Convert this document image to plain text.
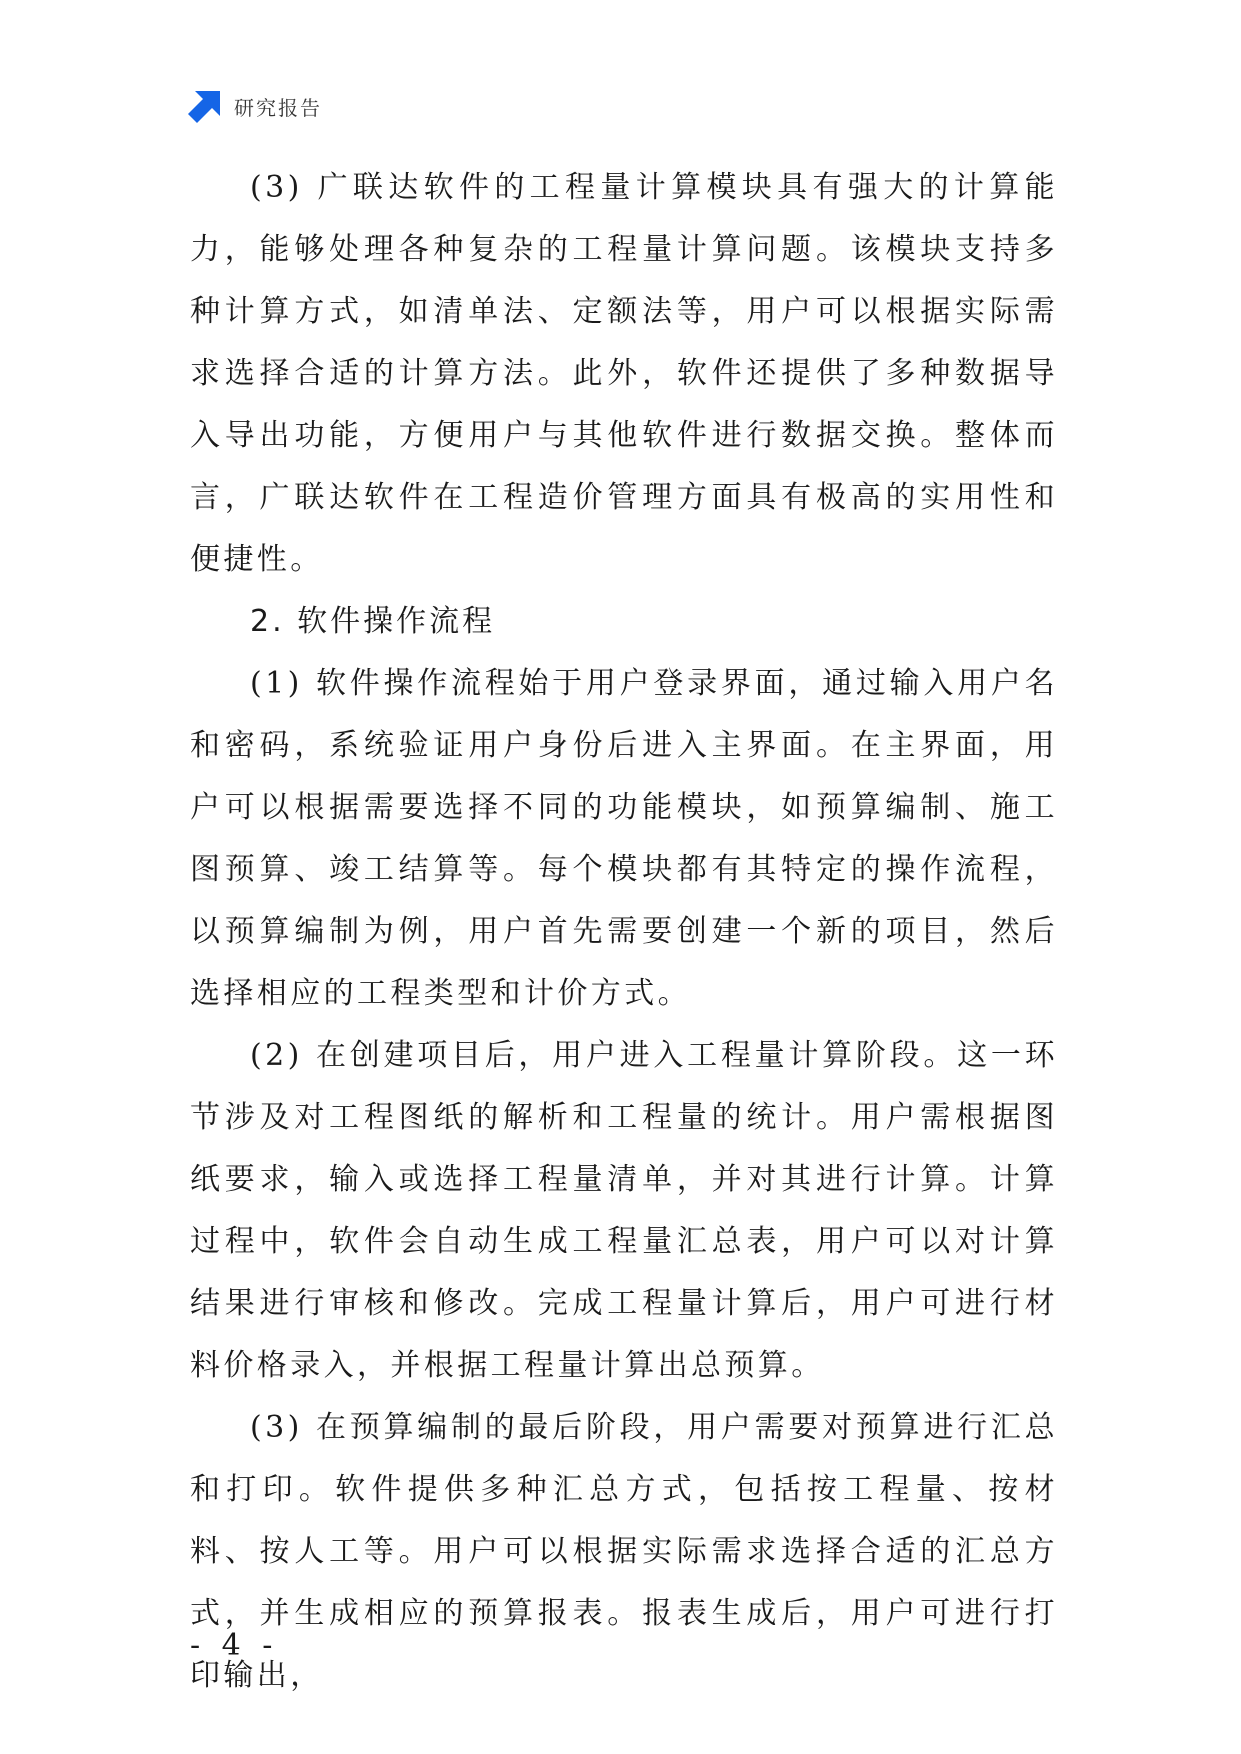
研究报告

(3) 广联达软件的工程量计算模块具有强大的计算能力，能够处理各种复杂的工程量计算问题。该模块支持多种计算方式，如清单法、定额法等，用户可以根据实际需求选择合适的计算方法。此外，软件还提供了多种数据导入导出功能，方便用户与其他软件进行数据交换。整体而言，广联达软件在工程造价管理方面具有极高的实用性和便捷性。

2. 软件操作流程

(1) 软件操作流程始于用户登录界面，通过输入用户名和密码，系统验证用户身份后进入主界面。在主界面，用户可以根据需要选择不同的功能模块，如预算编制、施工图预算、竣工结算等。每个模块都有其特定的操作流程，以预算编制为例，用户首先需要创建一个新的项目，然后选择相应的工程类型和计价方式。

(2) 在创建项目后，用户进入工程量计算阶段。这一环节涉及对工程图纸的解析和工程量的统计。用户需根据图纸要求，输入或选择工程量清单，并对其进行计算。计算过程中，软件会自动生成工程量汇总表，用户可以对计算结果进行审核和修改。完成工程量计算后，用户可进行材料价格录入，并根据工程量计算出总预算。

(3) 在预算编制的最后阶段，用户需要对预算进行汇总和打印。软件提供多种汇总方式，包括按工程量、按材料、按人工等。用户可以根据实际需求选择合适的汇总方式，并生成相应的预算报表。报表生成后，用户可进行打印输出，

- 4 -
